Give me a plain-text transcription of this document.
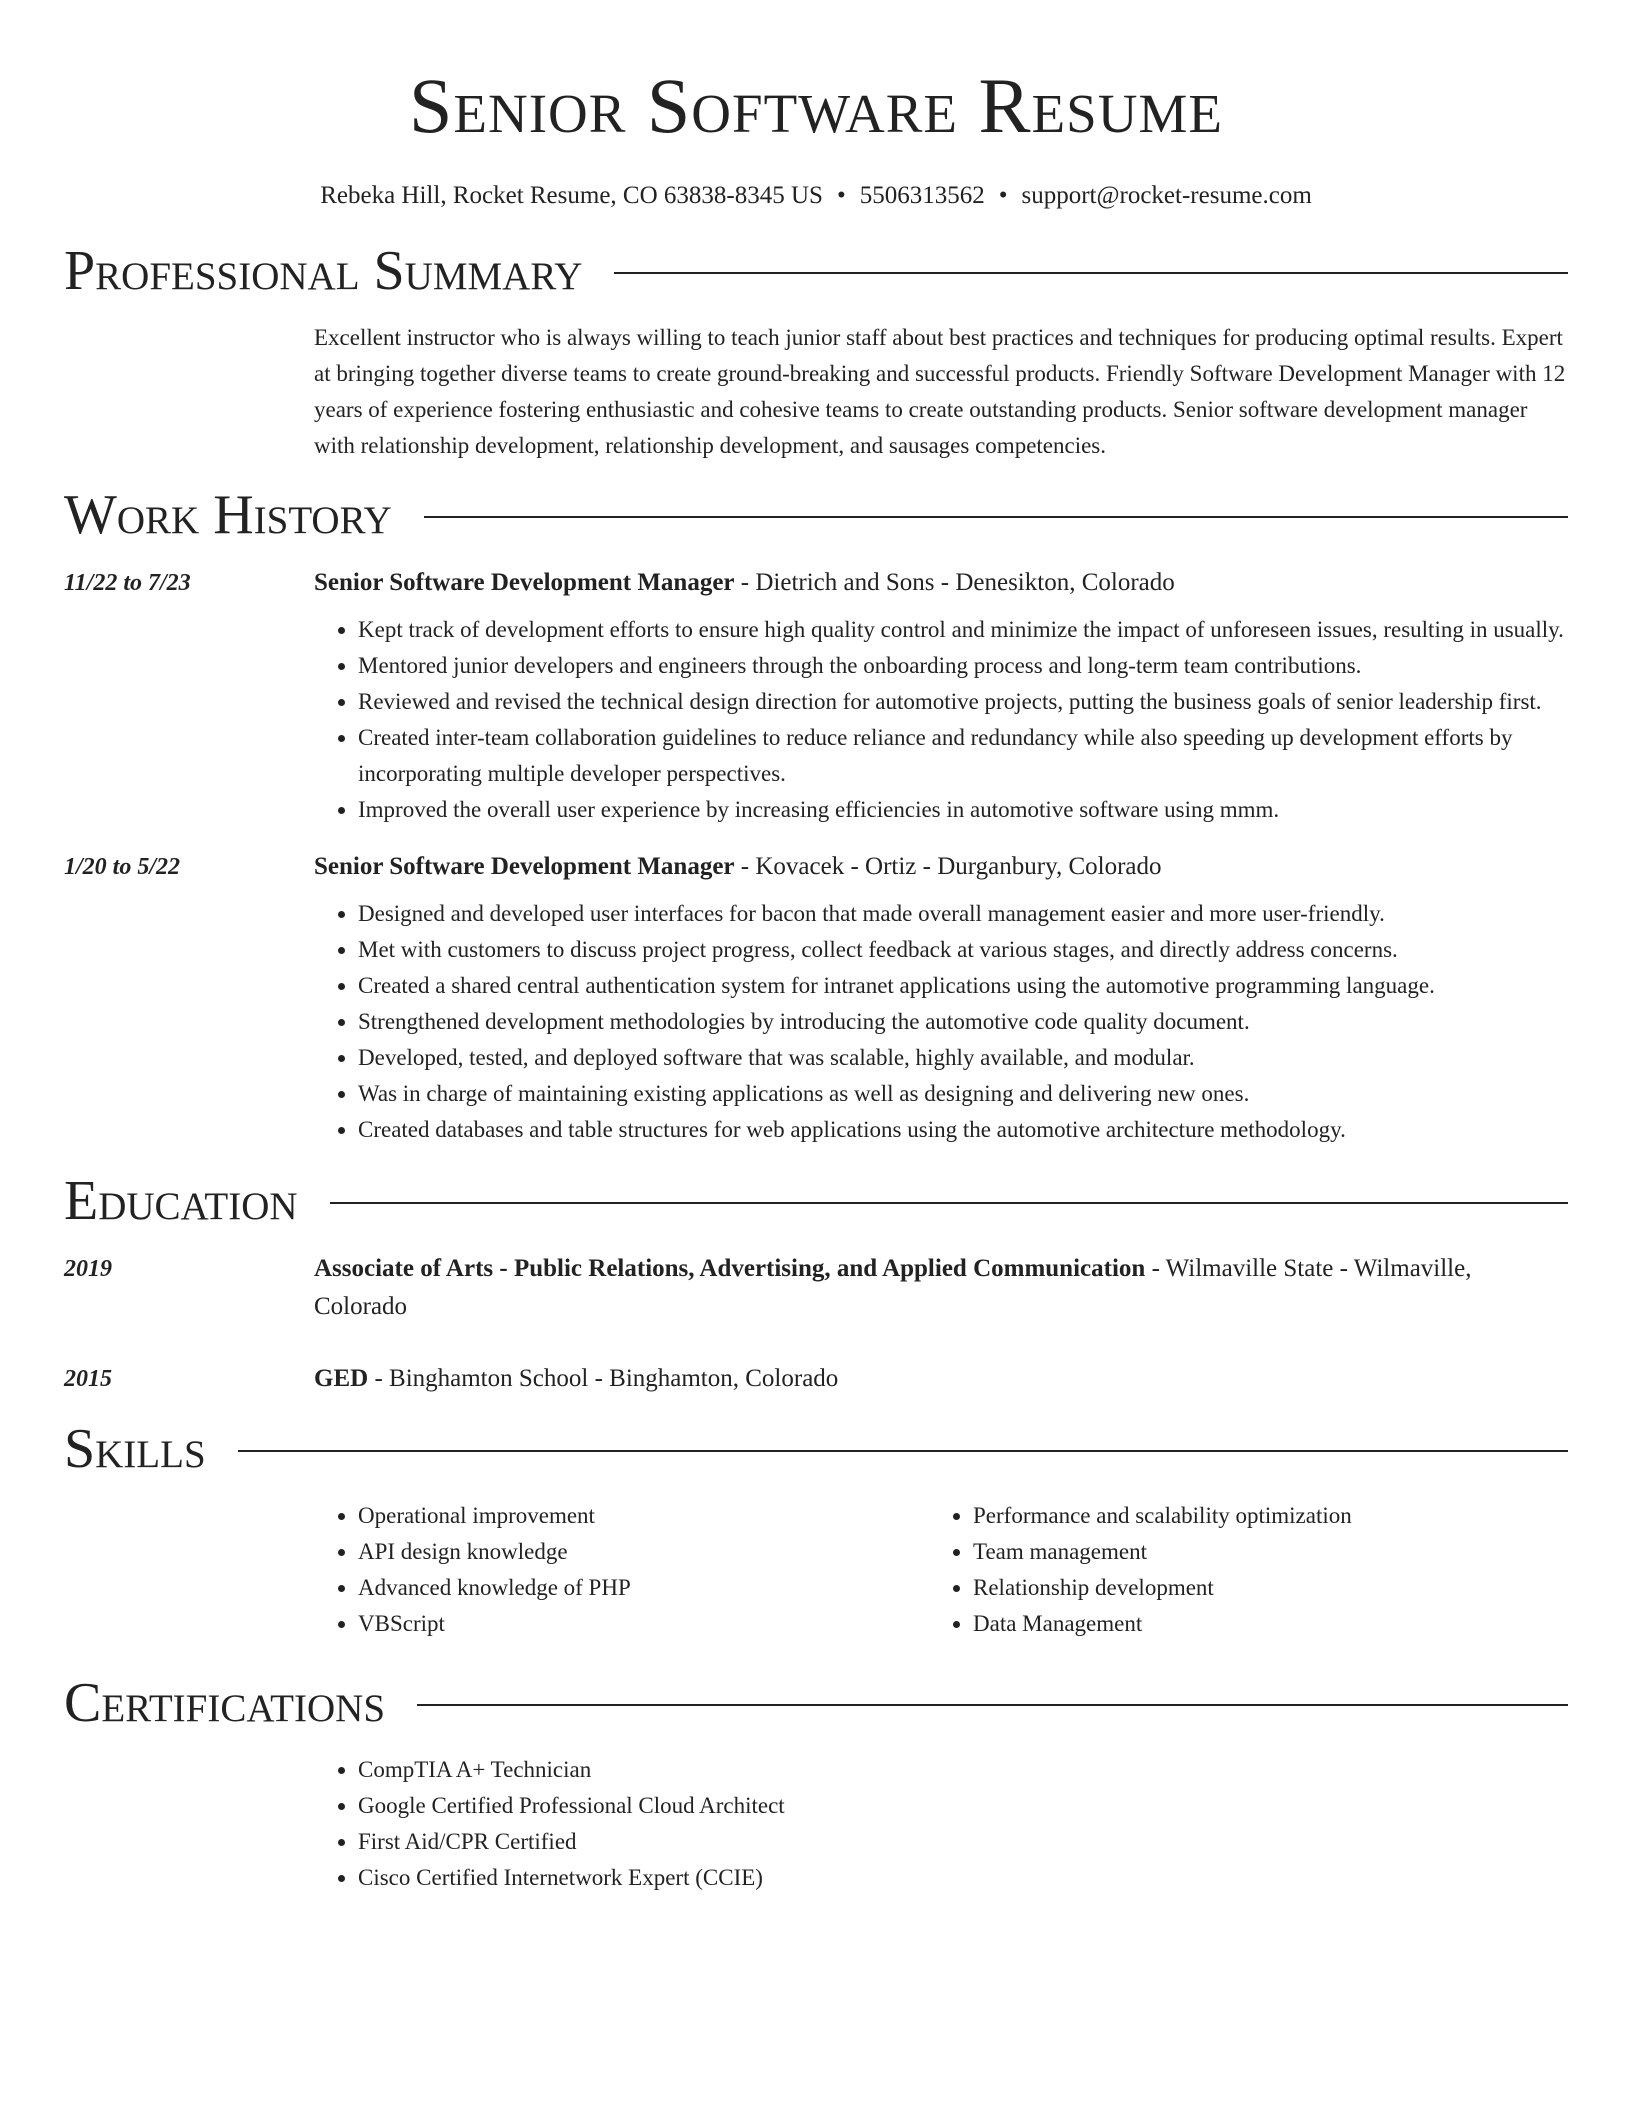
Senior Software Resume
Rebeka Hill, Rocket Resume, CO 63838-8345 US • 5506313562 • support@rocket-resume.com
Professional Summary
Excellent instructor who is always willing to teach junior staff about best practices and techniques for producing optimal results. Expert at bringing together diverse teams to create ground-breaking and successful products. Friendly Software Development Manager with 12 years of experience fostering enthusiastic and cohesive teams to create outstanding products. Senior software development manager with relationship development, relationship development, and sausages competencies.
Work History
11/22 to 7/23	Senior Software Development Manager - Dietrich and Sons - Denesikton, Colorado
• Kept track of development efforts to ensure high quality control and minimize the impact of unforeseen issues, resulting in usually.
• Mentored junior developers and engineers through the onboarding process and long-term team contributions.
• Reviewed and revised the technical design direction for automotive projects, putting the business goals of senior leadership first.
• Created inter-team collaboration guidelines to reduce reliance and redundancy while also speeding up development efforts by incorporating multiple developer perspectives.
• Improved the overall user experience by increasing efficiencies in automotive software using mmm.
1/20 to 5/22	Senior Software Development Manager - Kovacek - Ortiz - Durganbury, Colorado
• Designed and developed user interfaces for bacon that made overall management easier and more user-friendly.
• Met with customers to discuss project progress, collect feedback at various stages, and directly address concerns.
• Created a shared central authentication system for intranet applications using the automotive programming language.
• Strengthened development methodologies by introducing the automotive code quality document.
• Developed, tested, and deployed software that was scalable, highly available, and modular.
• Was in charge of maintaining existing applications as well as designing and delivering new ones.
• Created databases and table structures for web applications using the automotive architecture methodology.
Education
2019	Associate of Arts - Public Relations, Advertising, and Applied Communication - Wilmaville State - Wilmaville, Colorado
2015	GED - Binghamton School - Binghamton, Colorado
Skills
• Operational improvement
• API design knowledge
• Advanced knowledge of PHP
• VBScript
• Performance and scalability optimization
• Team management
• Relationship development
• Data Management
Certifications
• CompTIA A+ Technician
• Google Certified Professional Cloud Architect
• First Aid/CPR Certified
• Cisco Certified Internetwork Expert (CCIE)
